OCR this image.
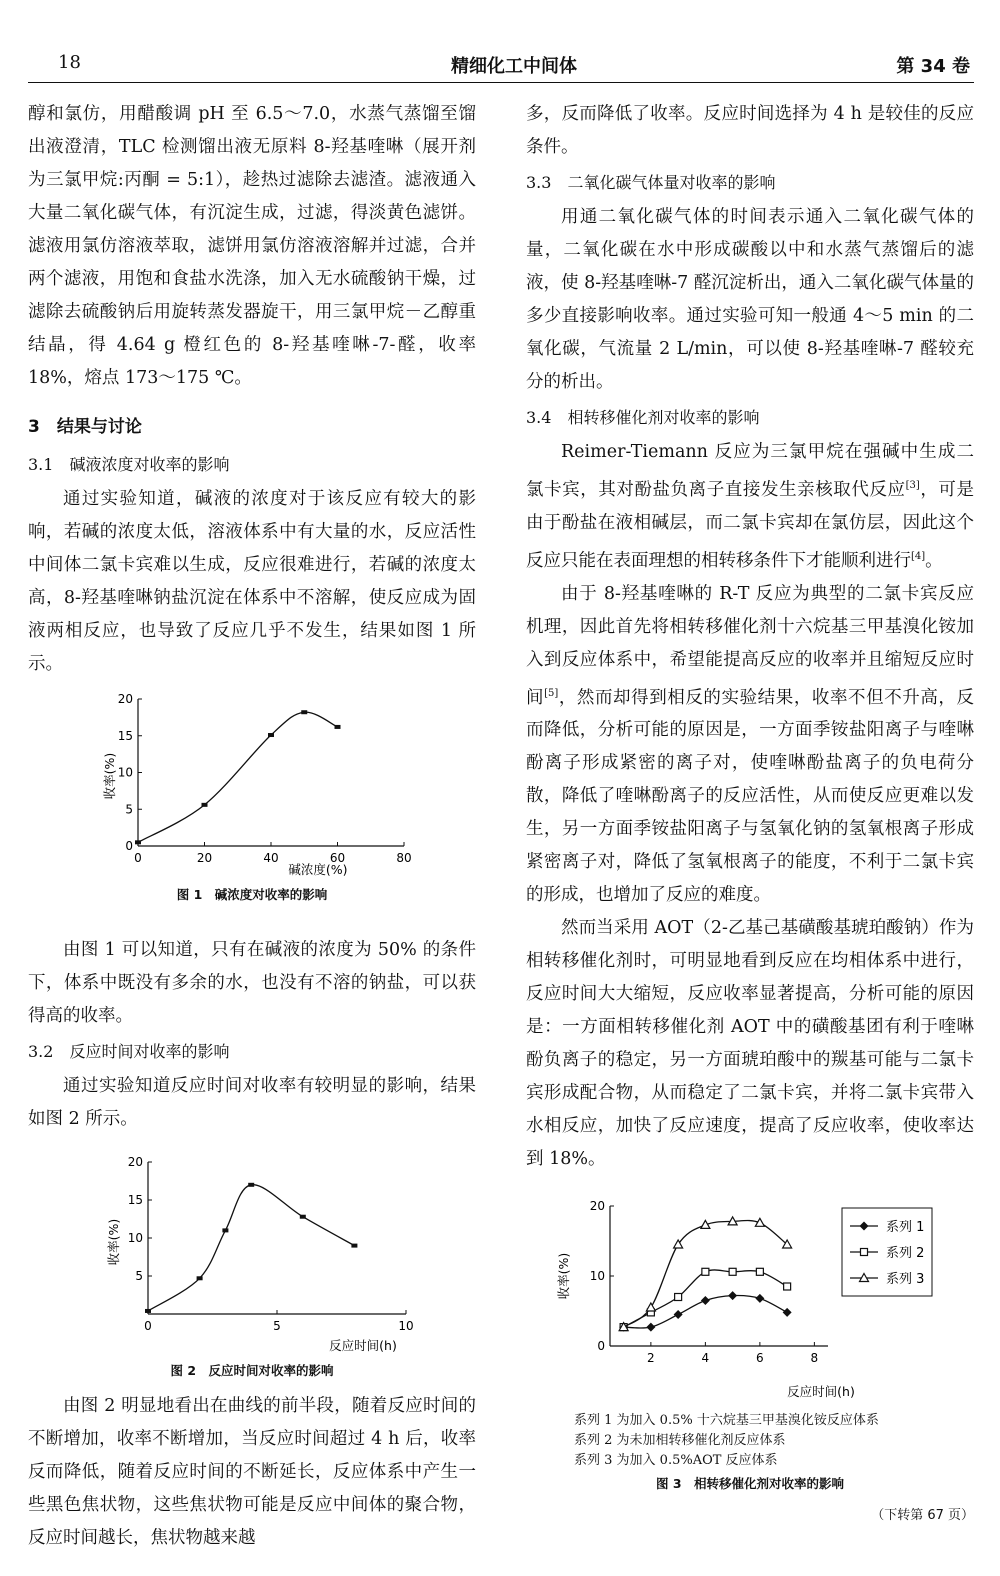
18	精细化工中间体	第 34 卷

醇和氯仿，用醋酸调 pH 至 6.5～7.0，水蒸气蒸馏至馏出液澄清，TLC 检测馏出液无原料 8-羟基喹啉（展开剂为三氯甲烷:丙酮 = 5:1），趁热过滤除去滤渣。滤液通入大量二氧化碳气体，有沉淀生成，过滤，得淡黄色滤饼。滤液用氯仿溶液萃取，滤饼用氯仿溶液溶解并过滤，合并两个滤液，用饱和食盐水洗涤，加入无水硫酸钠干燥，过滤除去硫酸钠后用旋转蒸发器旋干，用三氯甲烷－乙醇重结晶，得 4.64 g 橙红色的 8-羟基喹啉-7-醛，收率 18%，熔点 173～175 ℃。

3　结果与讨论
3.1　碱液浓度对收率的影响

通过实验知道，碱液的浓度对于该反应有较大的影响，若碱的浓度太低，溶液体系中有大量的水，反应活性中间体二氯卡宾难以生成，反应很难进行，若碱的浓度太高，8-羟基喹啉钠盐沉淀在体系中不溶解，使反应成为固液两相反应，也导致了反应几乎不发生，结果如图 1 所示。

0	20	40	60	80
0
5
10
15
20
碱浓度(%)
收率(%)
图 1　碱浓度对收率的影响

由图 1 可以知道，只有在碱液的浓度为 50% 的条件下，体系中既没有多余的水，也没有不溶的钠盐，可以获得高的收率。

3.2　反应时间对收率的影响

通过实验知道反应时间对收率有较明显的影响，结果如图 2 所示。

0	5	10
5
10
15
20
反应时间(h)
收率(%)
图 2　反应时间对收率的影响

由图 2 明显地看出在曲线的前半段，随着反应时间的不断增加，收率不断增加，当反应时间超过 4 h 后，收率反而降低，随着反应时间的不断延长，反应体系中产生一些黑色焦状物，这些焦状物可能是反应中间体的聚合物，反应时间越长，焦状物越来越

多，反而降低了收率。反应时间选择为 4 h 是较佳的反应条件。

3.3　二氧化碳气体量对收率的影响

用通二氧化碳气体的时间表示通入二氧化碳气体的量，二氧化碳在水中形成碳酸以中和水蒸气蒸馏后的滤液，使 8-羟基喹啉-7 醛沉淀析出，通入二氧化碳气体量的多少直接影响收率。通过实验可知一般通 4～5 min 的二氧化碳，气流量 2 L/min，可以使 8-羟基喹啉-7 醛较充分的析出。

3.4　相转移催化剂对收率的影响

Reimer-Tiemann 反应为三氯甲烷在强碱中生成二氯卡宾，其对酚盐负离子直接发生亲核取代反应[3]，可是由于酚盐在液相碱层，而二氯卡宾却在氯仿层，因此这个反应只能在表面理想的相转移条件下才能顺利进行[4]。

由于 8-羟基喹啉的 R-T 反应为典型的二氯卡宾反应机理，因此首先将相转移催化剂十六烷基三甲基溴化铵加入到反应体系中，希望能提高反应的收率并且缩短反应时间[5]，然而却得到相反的实验结果，收率不但不升高，反而降低，分析可能的原因是，一方面季铵盐阳离子与喹啉酚离子形成紧密的离子对，使喹啉酚盐离子的负电荷分散，降低了喹啉酚离子的反应活性，从而使反应更难以发生，另一方面季铵盐阳离子与氢氧化钠的氢氧根离子形成紧密离子对，降低了氢氧根离子的能度，不利于二氯卡宾的形成，也增加了反应的难度。

然而当采用 AOT（2-乙基己基磺酸基琥珀酸钠）作为相转移催化剂时，可明显地看到反应在均相体系中进行，反应时间大大缩短，反应收率显著提高，分析可能的原因是：一方面相转移催化剂 AOT 中的磺酸基团有利于喹啉酚负离子的稳定，另一方面琥珀酸中的羰基可能与二氯卡宾形成配合物，从而稳定了二氯卡宾，并将二氯卡宾带入水相反应，加快了反应速度，提高了反应收率，使收率达到 18%。

2	4	6	8
0
10
20
反应时间(h)
收率(%)
系列 1
系列 2
系列 3
系列 1 为加入 0.5% 十六烷基三甲基溴化铵反应体系
系列 2 为未加相转移催化剂反应体系
系列 3 为加入 0.5%AOT 反应体系
图 3　相转移催化剂对收率的影响
（下转第 67 页）
